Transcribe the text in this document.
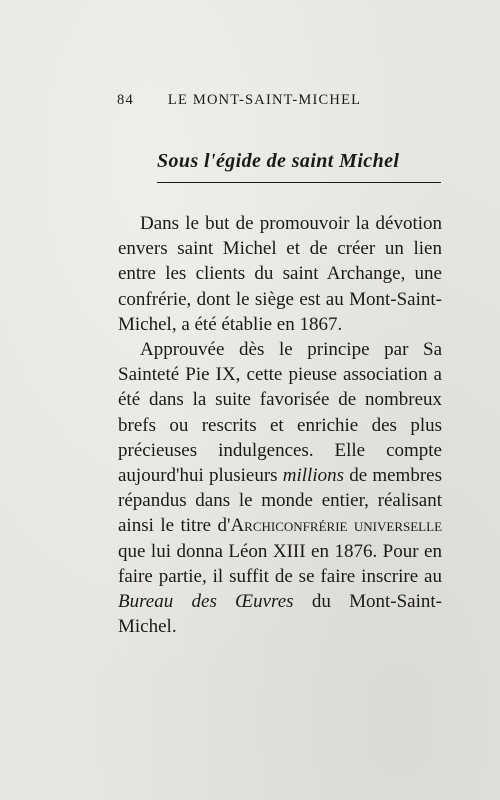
84 LE MONT-SAINT-MICHEL
Sous l'égide de saint Michel

Dans le but de promouvoir la dévotion envers saint Michel et de créer un lien entre les clients du saint Archange, une confrérie, dont le siège est au Mont-Saint-Michel, a été établie en 1867.

Approuvée dès le principe par Sa Sainteté Pie IX, cette pieuse association a été dans la suite favorisée de nombreux brefs ou rescrits et enrichie des plus précieuses indulgences. Elle compte aujourd'hui plusieurs millions de membres répandus dans le monde entier, réalisant ainsi le titre d'Archiconfrérie universelle que lui donna Léon XIII en 1876. Pour en faire partie, il suffit de se faire inscrire au Bureau des Œuvres du Mont-Saint-Michel.
